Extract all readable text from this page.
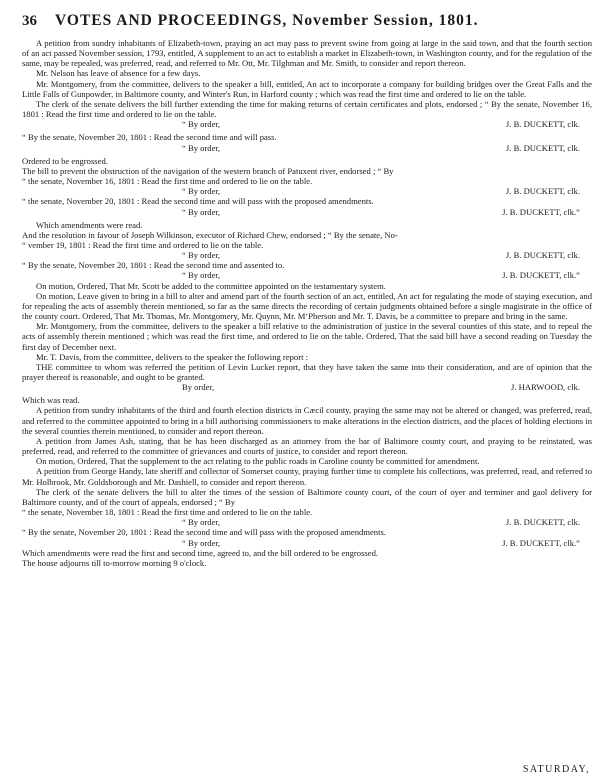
36 VOTES AND PROCEEDINGS, November Session, 1801.

A petition from sundry inhabitants of Elizabeth-town, praying an act may pass to prevent swine from going at large in the said town, and that the fourth section of an act passed November session, 1793, entitled, A supplement to an act to establish a market in Elizabeth-town, in Washington county, and for the regulation of the same, may be repealed, was preferred, read, and referred to Mr. Ott, Mr. Tilghman and Mr. Smith, to consider and report thereon.

Mr. Nelson has leave of absence for a few days.

Mr. Montgomery, from the committee, delivers to the speaker a bill, entitled, An act to incorporate a company for building bridges over the Great Falls and the Little Falls of Gunpowder, in Baltimore county, and Winter's Run, in Harford county ; which was read the first time and ordered to lie on the table.

The clerk of the senate delivers the bill further extending the time for making returns of certain certificates and plots, endorsed ; “ By the senate, November 16, 1801 : Read the first time and ordered to lie on the table.

“ By order,	J. B. DUCKETT, clk.

“ By the senate, November 20, 1801 : Read the second time and will pass.

“ By order,	J. B. DUCKETT, clk.

Ordered to be engrossed.

The bill to prevent the obstruction of the navigation of the western branch of Patuxent river, endorsed ; “ By

“ the senate, November 16, 1801 : Read the first time and ordered to lie on the table.

“ By order,	J. B. DUCKETT, clk.

“ the senate, November 20, 1801 : Read the second time and will pass with the proposed amendments.

“ By order,	J. B. DUCKETT, clk.”

Which amendments were read.

And the resolution in favour of Joseph Wilkinson, executor of Richard Chew, endorsed ; “ By the senate, No-

“ vember 19, 1801 : Read the first time and ordered to lie on the table.

“ By order,	J. B. DUCKETT, clk.

“ By the senate, November 20, 1801 : Read the second time and assented to.

“ By order,	J. B. DUCKETT, clk.”

On motion, Ordered, That Mr. Scott be added to the committee appointed on the testamentary system.

On motion, Leave given to bring in a bill to alter and amend part of the fourth section of an act, entitled, An act for regulating the mode of staying execution, and for repealing the acts of assembly therein mentioned, so far as the same directs the recording of certain judgments obtained before a single magistrate in the office of the county court. Ordered, That Mr. Thomas, Mr. Montgomery, Mr. Quynn, Mr. M‘Pherson and Mr. T. Davis, be a committee to prepare and bring in the same.

Mr. Montgomery, from the committee, delivers to the speaker a bill relative to the administration of justice in the several counties of this state, and to repeal the acts of assembly therein mentioned ; which was read the first time, and ordered to lie on the table. Ordered, That the said bill have a second reading on Tuesday the first day of December next.

Mr. T. Davis, from the committee, delivers to the speaker the following report :

THE committee to whom was referred the petition of Levin Lucket report, that they have taken the same into their consideration, and are of opinion that the prayer thereof is reasonable, and ought to be granted.

By order,	J. HARWOOD, clk.

Which was read.

A petition from sundry inhabitants of the third and fourth election districts in Cæcil county, praying the same may not be altered or changed, was preferred, read, and referred to the committee appointed to bring in a bill authorising commissioners to make alterations in the election districts, and the places of holding elections in the several counties therein mentioned, to consider and report thereon.

A petition from James Ash, stating, that he has been discharged as an attorney from the bar of Baltimore county court, and praying to be reinstated, was preferred, read, and referred to the committee of grievances and courts of justice, to consider and report thereon.

On motion, Ordered, That the supplement to the act relating to the public roads in Caroline county be committed for amendment.

A petition from George Handy, late sheriff and collector of Somerset county, praying further time to complete his collections, was preferred, read, and referred to Mr. Holbrook, Mr. Goldsborough and Mr. Dashiell, to consider and report thereon.

The clerk of the senate delivers the bill to alter the times of the session of Baltimore county court, of the court of oyer and terminer and gaol delivery for Baltimore county, and of the court of appeals, endorsed ; “ By

“ the senate, November 18, 1801 : Read the first time and ordered to lie on the table.

“ By order,	J. B. DUCKETT, clk.

“ By the senate, November 20, 1801 : Read the second time and will pass with the proposed amendments.

“ By order,	J. B. DUCKETT, clk.”

Which amendments were read the first and second time, agreed to, and the bill ordered to be engrossed.

The house adjourns till to-morrow morning 9 o'clock.

SATURDAY,
